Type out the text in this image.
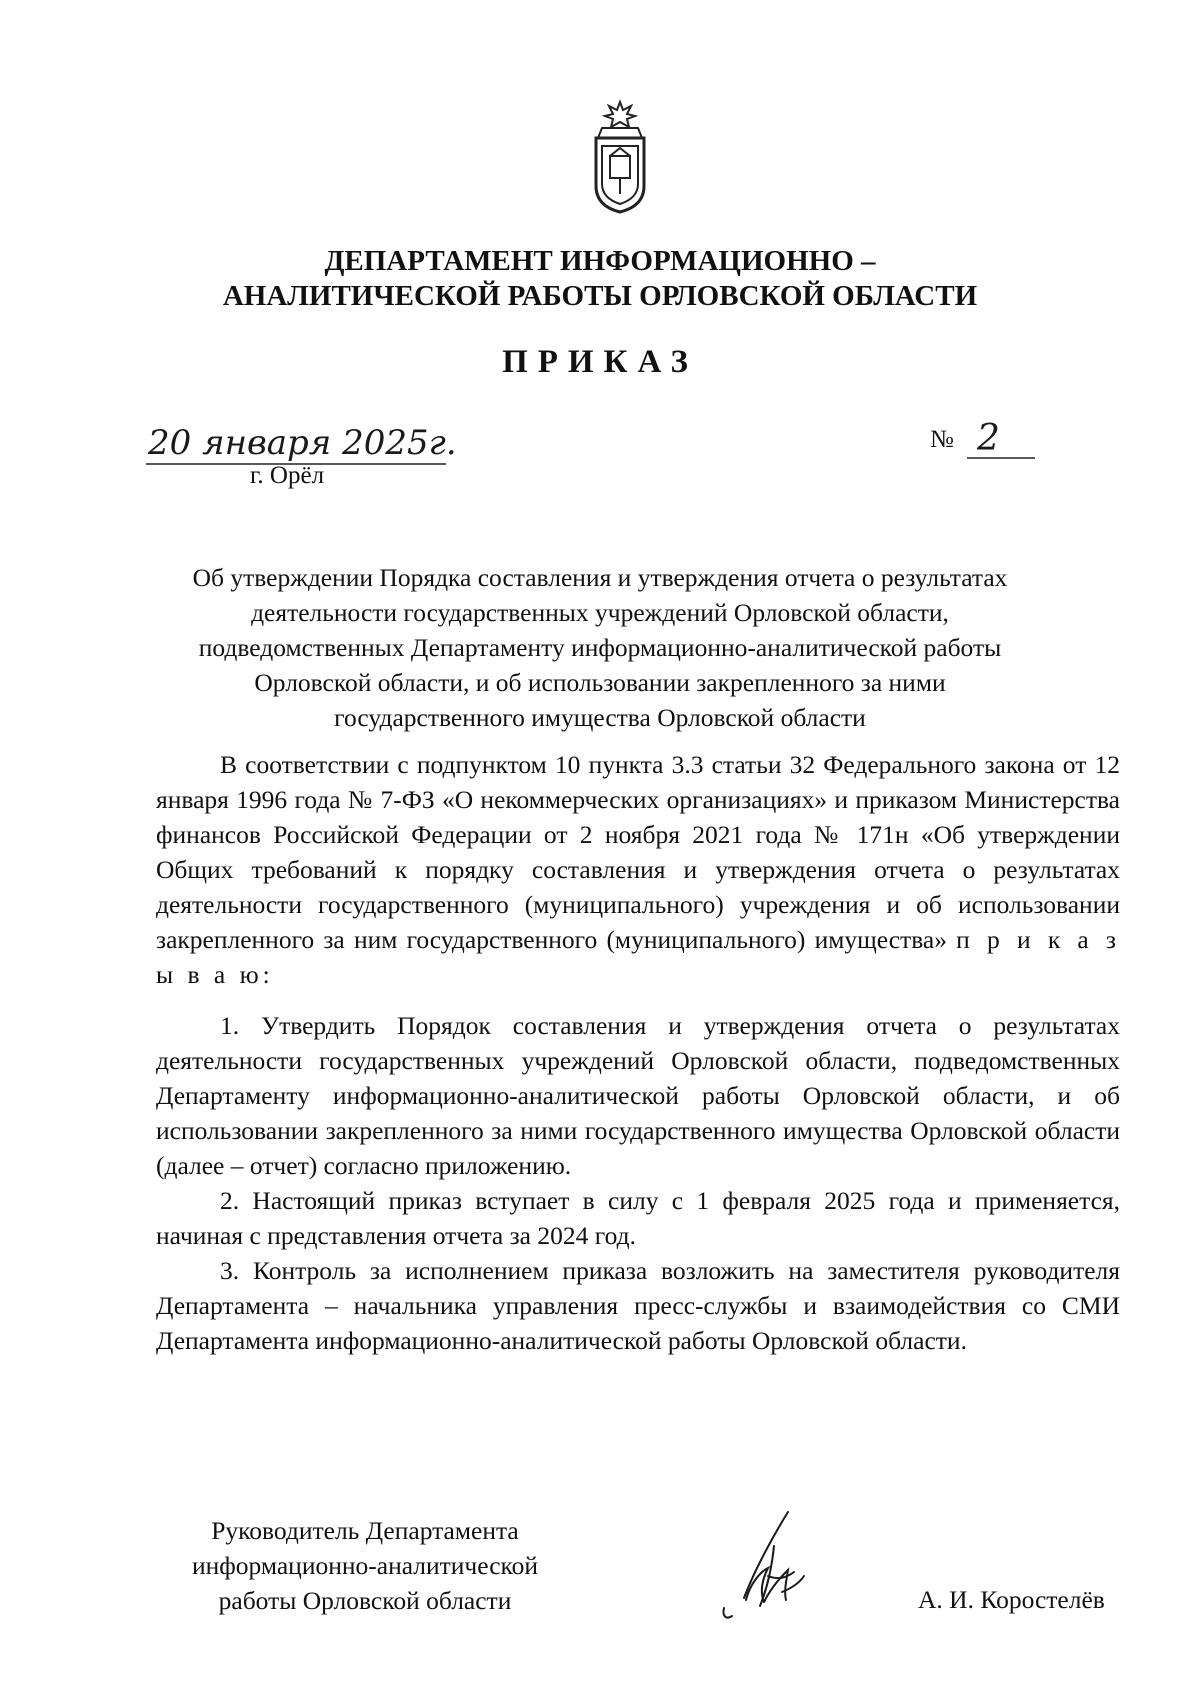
ДЕПАРТАМЕНТ ИНФОРМАЦИОННО –
АНАЛИТИЧЕСКОЙ РАБОТЫ ОРЛОВСКОЙ ОБЛАСТИ
ПРИКАЗ
20 января 2025г.
г. Орёл
№ 2
Об утверждении Порядка составления и утверждения отчета о результатах
деятельности государственных учреждений Орловской области,
подведомственных Департаменту информационно-аналитической работы
Орловской области, и об использовании закрепленного за ними
государственного имущества Орловской области

В соответствии с подпунктом 10 пункта 3.3 статьи 32 Федерального закона от 12 января 1996 года № 7-ФЗ «О некоммерческих организациях» и приказом Министерства финансов Российской Федерации от 2 ноября 2021 года № 171н «Об утверждении Общих требований к порядку составления и утверждения отчета о результатах деятельности государственного (муниципального) учреждения и об использовании закрепленного за ним государственного (муниципального) имущества» п р и к а з ы в а ю:

1. Утвердить Порядок составления и утверждения отчета о результатах деятельности государственных учреждений Орловской области, подведомственных Департаменту информационно-аналитической работы Орловской области, и об использовании закрепленного за ними государственного имущества Орловской области (далее – отчет) согласно приложению.

2. Настоящий приказ вступает в силу с 1 февраля 2025 года и применяется, начиная с представления отчета за 2024 год.

3. Контроль за исполнением приказа возложить на заместителя руководителя Департамента – начальника управления пресс-службы и взаимодействия со СМИ Департамента информационно-аналитической работы Орловской области.

Руководитель Департамента
информационно-аналитической
работы Орловской области	А. И. Коростелёв
